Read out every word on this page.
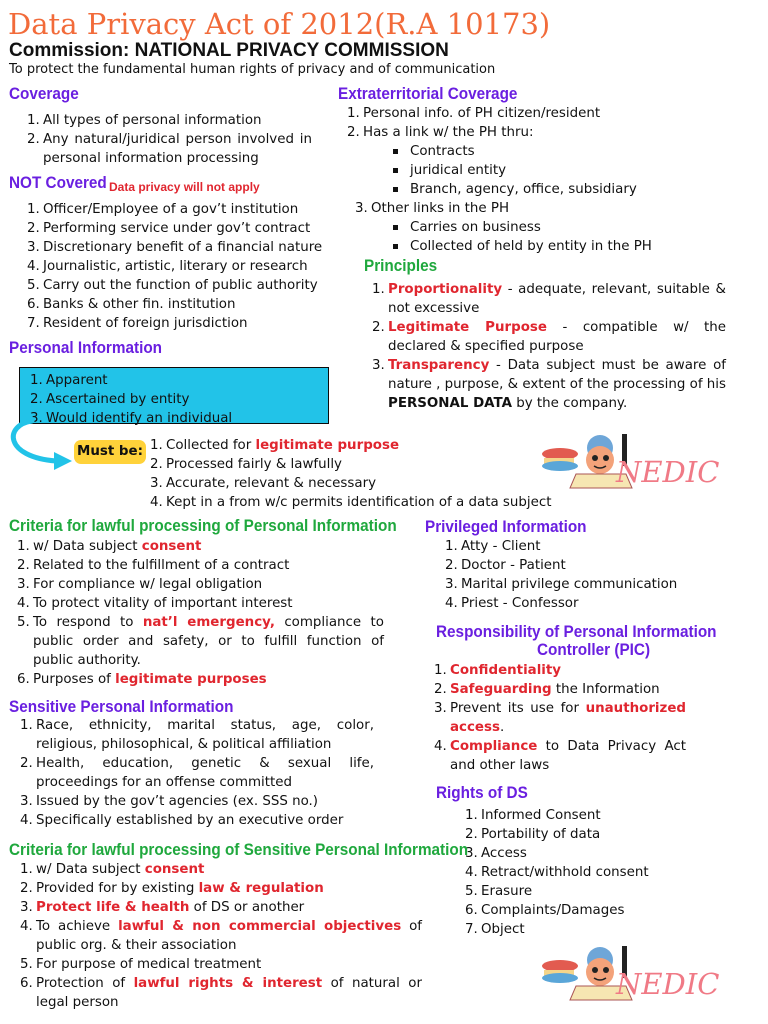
Data Privacy Act of 2012(R.A 10173)
Commission: NATIONAL PRIVACY COMMISSION
To protect the fundamental human rights of privacy and of communication
Coverage
1. All types of personal information
2. Any natural/juridical person involved in personal information processing
NOT Covered Data privacy will not apply
1. Officer/Employee of a gov’t institution
2. Performing service under gov’t contract
3. Discretionary benefit of a financial nature
4. Journalistic, artistic, literary or research
5. Carry out the function of public authority
6. Banks & other fin. institution
7. Resident of foreign jurisdiction
Personal Information
1. Apparent
2. Ascertained by entity
3. Would identify an individual
Must be: 1. Collected for legitimate purpose
2. Processed fairly & lawfully
3. Accurate, relevant & necessary
4. Kept in a from w/c permits identification of a data subject
Extraterritorial Coverage
1. Personal info. of PH citizen/resident
2. Has a link w/ the PH thru:
Contracts
juridical entity
Branch, agency, office, subsidiary
3. Other links in the PH
Carries on business
Collected of held by entity in the PH
Principles
1. Proportionality - adequate, relevant, suitable & not excessive
2. Legitimate Purpose - compatible w/ the declared & specified purpose
3. Transparency - Data subject must be aware of nature , purpose, & extent of the processing of his PERSONAL DATA by the company.
NEDIC
Criteria for lawful processing of Personal Information
1. w/ Data subject consent
2. Related to the fulfillment of a contract
3. For compliance w/ legal obligation
4. To protect vitality of important interest
5. To respond to nat’l emergency, compliance to public order and safety, or to fulfill function of public authority.
6. Purposes of legitimate purposes
Privileged Information
1. Atty - Client
2. Doctor - Patient
3. Marital privilege communication
4. Priest - Confessor
Responsibility of Personal Information
Controller (PIC)
1. Confidentiality
2. Safeguarding the Information
3. Prevent its use for unauthorized access.
4. Compliance to Data Privacy Act and other laws
Sensitive Personal Information
1. Race, ethnicity, marital status, age, color, religious, philosophical, & political affiliation
2. Health, education, genetic & sexual life, proceedings for an offense committed
3. Issued by the gov’t agencies (ex. SSS no.)
4. Specifically established by an executive order
Rights of DS
1. Informed Consent
2. Portability of data
3. Access
4. Retract/withhold consent
5. Erasure
6. Complaints/Damages
7. Object
Criteria for lawful processing of Sensitive Personal Information
1. w/ Data subject consent
2. Provided for by existing law & regulation
3. Protect life & health of DS or another
4. To achieve lawful & non commercial objectives of public org. & their association
5. For purpose of medical treatment
6. Protection of lawful rights & interest of natural or legal person
NEDIC
